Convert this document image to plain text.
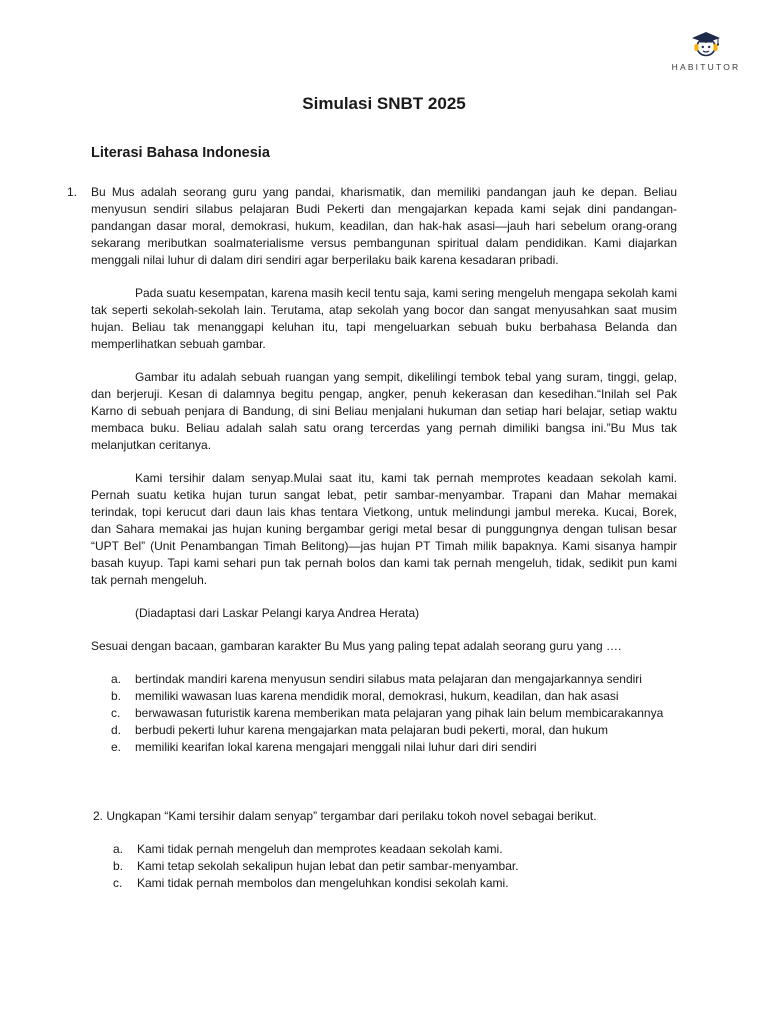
HABITUTOR
Simulasi SNBT 2025
Literasi Bahasa Indonesia
1. Bu Mus adalah seorang guru yang pandai, kharismatik, dan memiliki pandangan jauh ke depan. Beliau menyusun sendiri silabus pelajaran Budi Pekerti dan mengajarkan kepada kami sejak dini pandangan-pandangan dasar moral, demokrasi, hukum, keadilan, dan hak-hak asasi—jauh hari sebelum orang-orang sekarang meributkan soalmaterialisme versus pembangunan spiritual dalam pendidikan. Kami diajarkan menggali nilai luhur di dalam diri sendiri agar berperilaku baik karena kesadaran pribadi.

Pada suatu kesempatan, karena masih kecil tentu saja, kami sering mengeluh mengapa sekolah kami tak seperti sekolah-sekolah lain. Terutama, atap sekolah yang bocor dan sangat menyusahkan saat musim hujan. Beliau tak menanggapi keluhan itu, tapi mengeluarkan sebuah buku berbahasa Belanda dan memperlihatkan sebuah gambar.

Gambar itu adalah sebuah ruangan yang sempit, dikelilingi tembok tebal yang suram, tinggi, gelap, dan berjeruji. Kesan di dalamnya begitu pengap, angker, penuh kekerasan dan kesedihan.“Inilah sel Pak Karno di sebuah penjara di Bandung, di sini Beliau menjalani hukuman dan setiap hari belajar, setiap waktu membaca buku. Beliau adalah salah satu orang tercerdas yang pernah dimiliki bangsa ini.”Bu Mus tak melanjutkan ceritanya.

Kami tersihir dalam senyap.Mulai saat itu, kami tak pernah memprotes keadaan sekolah kami. Pernah suatu ketika hujan turun sangat lebat, petir sambar-menyambar. Trapani dan Mahar memakai terindak, topi kerucut dari daun lais khas tentara Vietkong, untuk melindungi jambul mereka. Kucai, Borek, dan Sahara memakai jas hujan kuning bergambar gerigi metal besar di punggungnya dengan tulisan besar “UPT Bel” (Unit Penambangan Timah Belitong)—jas hujan PT Timah milik bapaknya. Kami sisanya hampir basah kuyup. Tapi kami sehari pun tak pernah bolos dan kami tak pernah mengeluh, tidak, sedikit pun kami tak pernah mengeluh.

(Diadaptasi dari Laskar Pelangi karya Andrea Herata)

Sesuai dengan bacaan, gambaran karakter Bu Mus yang paling tepat adalah seorang guru yang ….

a. bertindak mandiri karena menyusun sendiri silabus mata pelajaran dan mengajarkannya sendiri
b. memiliki wawasan luas karena mendidik moral, demokrasi, hukum, keadilan, dan hak asasi
c. berwawasan futuristik karena memberikan mata pelajaran yang pihak lain belum membicarakannya
d. berbudi pekerti luhur karena mengajarkan mata pelajaran budi pekerti, moral, dan hukum
e. memiliki kearifan lokal karena mengajari menggali nilai luhur dari diri sendiri

2. Ungkapan “Kami tersihir dalam senyap” tergambar dari perilaku tokoh novel sebagai berikut.

a. Kami tidak pernah mengeluh dan memprotes keadaan sekolah kami.
b. Kami tetap sekolah sekalipun hujan lebat dan petir sambar-menyambar.
c. Kami tidak pernah membolos dan mengeluhkan kondisi sekolah kami.
